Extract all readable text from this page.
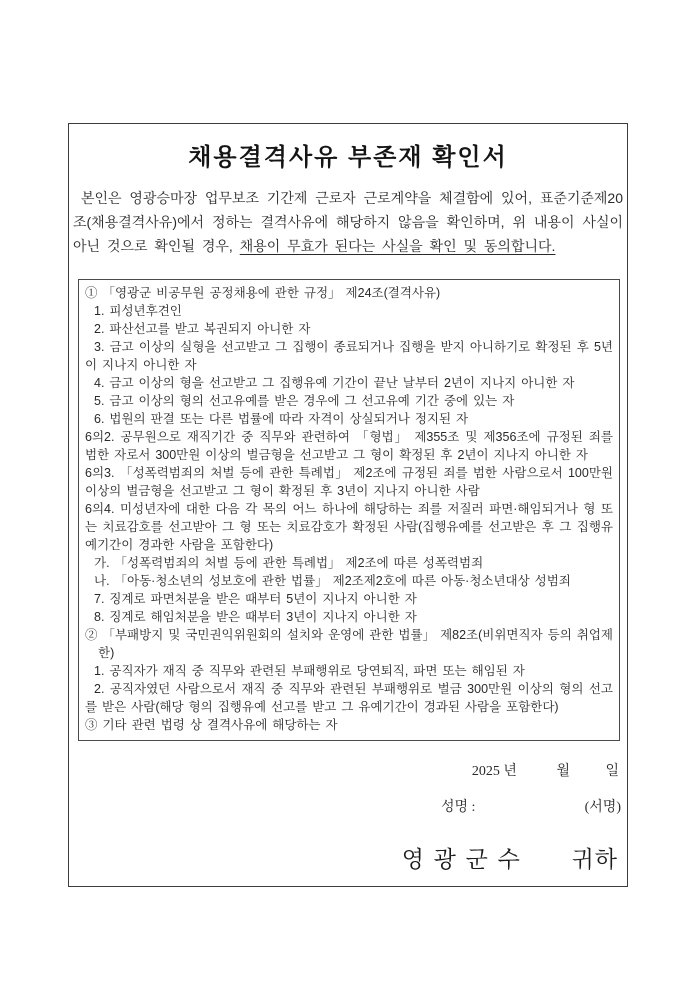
채용결격사유 부존재 확인서

본인은 영광승마장 업무보조 기간제 근로자 근로계약을 체결함에 있어, 표준기준제20조(채용결격사유)에서 정하는 결격사유에 해당하지 않음을 확인하며, 위 내용이 사실이 아닌 것으로 확인될 경우, 채용이 무효가 된다는 사실을 확인 및 동의합니다.

① 「영광군 비공무원 공정채용에 관한 규정」 제24조(결격사유)

1. 피성년후견인

2. 파산선고를 받고 복권되지 아니한 자

3. 금고 이상의 실형을 선고받고 그 집행이 종료되거나 집행을 받지 아니하기로 확정된 후 5년이 지나지 아니한 자

4. 금고 이상의 형을 선고받고 그 집행유예 기간이 끝난 날부터 2년이 지나지 아니한 자

5. 금고 이상의 형의 선고유예를 받은 경우에 그 선고유예 기간 중에 있는 자

6. 법원의 판결 또는 다른 법률에 따라 자격이 상실되거나 정지된 자

6의2. 공무원으로 재직기간 중 직무와 관련하여 「형법」 제355조 및 제356조에 규정된 죄를 범한 자로서 300만원 이상의 벌금형을 선고받고 그 형이 확정된 후 2년이 지나지 아니한 자

6의3. 「성폭력범죄의 처벌 등에 관한 특례법」 제2조에 규정된 죄를 범한 사람으로서 100만원 이상의 벌금형을 선고받고 그 형이 확정된 후 3년이 지나지 아니한 사람

6의4. 미성년자에 대한 다음 각 목의 어느 하나에 해당하는 죄를 저질러 파면·해임되거나 형 또는 치료감호를 선고받아 그 형 또는 치료감호가 확정된 사람(집행유예를 선고받은 후 그 집행유예기간이 경과한 사람을 포함한다)

가. 「성폭력범죄의 처벌 등에 관한 특례법」 제2조에 따른 성폭력범죄

나. 「아동·청소년의 성보호에 관한 법률」 제2조제2호에 따른 아동·청소년대상 성범죄

7. 징계로 파면처분을 받은 때부터 5년이 지나지 아니한 자

8. 징계로 해임처분을 받은 때부터 3년이 지나지 아니한 자

② 「부패방지 및 국민권익위원회의 설치와 운영에 관한 법률」 제82조(비위면직자 등의 취업제한)

1. 공직자가 재직 중 직무와 관련된 부패행위로 당연퇴직, 파면 또는 해임된 자

2. 공직자였던 사람으로서 재직 중 직무와 관련된 부패행위로 벌금 300만원 이상의 형의 선고를 받은 사람(해당 형의 집행유예 선고를 받고 그 유예기간이 경과된 사람을 포함한다)

③ 기타 관련 법령 상 결격사유에 해당하는 자

2025 년	월	일
성명 :	(서명)
영 광 군 수 귀하
